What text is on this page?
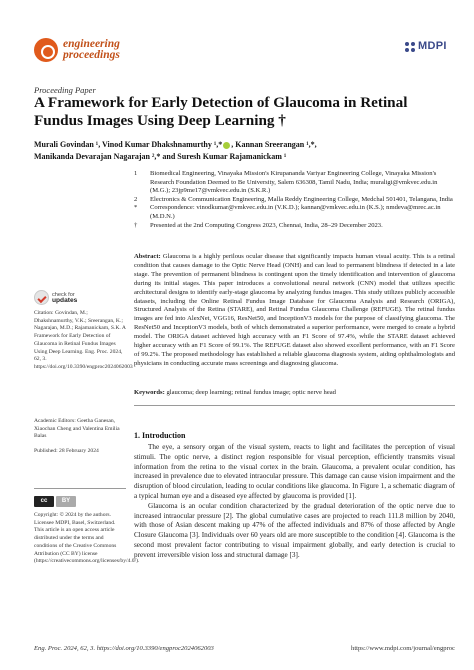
engineering
proceedings
MDPI
Proceeding Paper
A Framework for Early Detection of Glaucoma in Retinal Fundus Images Using Deep Learning †
Murali Govindan ¹, Vinod Kumar Dhakshnamurthy ¹,* , Kannan Sreerangan ¹,*,
Manikanda Devarajan Nagarajan ²,* and Suresh Kumar Rajamanickam ¹
1	Biomedical Engineering, Vinayaka Mission's Kirupananda Variyar Engineering College, Vinayaka Mission's Research Foundation Deemed to Be University, Salem 636308, Tamil Nadu, India; muraligi@vmkvec.edu.in (M.G.); 23jp9me17@vmkvec.edu.in (S.K.R.)
2	Electronics & Communication Engineering, Malla Reddy Engineering College, Medchal 501401, Telangana, India
*	Correspondence: vinodkumar@vmkvec.edu.in (V.K.D.); kannan@vmkvec.edu.in (K.S.); nmdeva@mrec.ac.in (M.D.N.)
†	Presented at the 2nd Computing Congress 2023, Chennai, India, 28–29 December 2023.
Abstract: Glaucoma is a highly perilous ocular disease that significantly impacts human visual acuity. This is a retinal condition that causes damage to the Optic Nerve Head (ONH) and can lead to permanent blindness if detected in a late stage. The prevention of permanent blindness is contingent upon the timely identification and intervention of glaucoma during its initial stages. This paper introduces a convolutional neural network (CNN) model that utilizes specific architectural designs to identify early-stage glaucoma by analyzing fundus images. This study utilizes publicly accessible datasets, including the Online Retinal Fundus Image Database for Glaucoma Analysis and Research (ORIGA), Structured Analysis of the Retina (STARE), and Retinal Fundus Glaucoma Challenge (REFUGE). The retinal fundus images are fed into AlexNet, VGG16, ResNet50, and InceptionV3 models for the purpose of classifying glaucoma. The ResNet50 and InceptionV3 models, both of which demonstrated a superior performance, were merged to create a hybrid model. The ORIGA dataset achieved high accuracy with an F1 Score of 97.4%, while the STARE dataset achieved higher accuracy with an F1 Score of 99.1%. The REFUGE dataset also showed excellent performance, with an F1 Score of 99.2%. The proposed methodology has established a reliable glaucoma diagnosis system, aiding ophthalmologists and physicians in conducting accurate mass screenings and diagnosing glaucoma.
Keywords: glaucoma; deep learning; retinal fundus image; optic nerve head
check for
updates
Citation: Govindan, M.; Dhakshnamurthy, V.K.; Sreerangan, K.; Nagarajan, M.D.; Rajamanickam, S.K. A Framework for Early Detection of Glaucoma in Retinal Fundus Images Using Deep Learning. Eng. Proc. 2024, 62, 3. https://doi.org/10.3390/engproc2024062003
Academic Editors: Geetha Ganesan, Xiaochan Cheng and Valentina Emilia Balas
Published: 28 February 2024
cc	BY
Copyright: © 2024 by the authors. Licensee MDPI, Basel, Switzerland. This article is an open access article distributed under the terms and conditions of the Creative Commons Attribution (CC BY) license (https://creativecommons.org/licenses/by/4.0/).
1. Introduction

The eye, a sensory organ of the visual system, reacts to light and facilitates the perception of visual stimuli. The optic nerve, a distinct region responsible for visual perception, efficiently transmits visual information from the retina to the visual cortex in the brain. Glaucoma, a prevalent ocular condition, has increased in prevalence due to elevated intraocular pressure. This damage can cause vision impairment and the disruption of blood circulation, leading to ocular conditions like glaucoma. In Figure 1, a schematic diagram of a typical human eye and a diseased eye affected by glaucoma is provided [1].

Glaucoma is an ocular condition characterized by the gradual deterioration of the optic nerve due to increased intraocular pressure [2]. The global cumulative cases are projected to reach 111.8 million by 2040, with those of Asian descent making up 47% of the affected individuals and 87% of those affected by Angle Closure Glaucoma [3]. Individuals over 60 years old are more susceptible to the condition [4]. Glaucoma is the second most prevalent factor contributing to visual impairment globally, and early detection is crucial to prevent irreversible vision loss and structural damage [3].

Eng. Proc. 2024, 62, 3. https://doi.org/10.3390/engproc2024062003	https://www.mdpi.com/journal/engproc
